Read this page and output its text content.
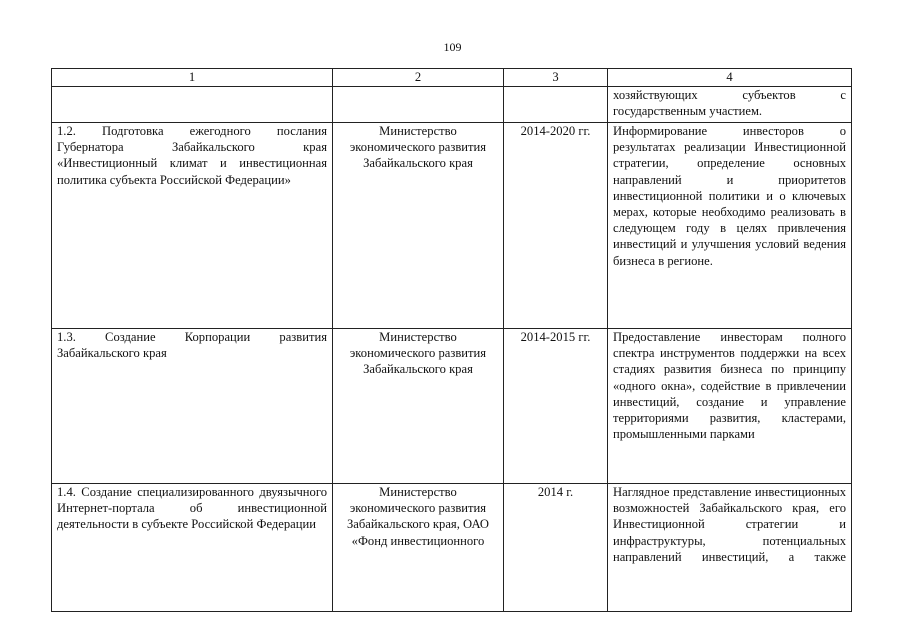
109
1	2	3	4
			хозяйствующих субъектов с государственным участием.
1.2. Подготовка ежегодного послания Губернатора Забайкальского края «Инвестиционный климат и инвестиционная политика субъекта Российской Федерации»	Министерство экономического развития Забайкальского края	2014-2020 гг.	Информирование инвесторов о результатах реализации Инвестиционной стратегии, определение основных направлений и приоритетов инвестиционной политики и о ключевых мерах, которые необходимо реализовать в следующем году в целях привлечения инвестиций и улучшения условий ведения бизнеса в регионе.
1.3. Создание Корпорации развития Забайкальского края	Министерство экономического развития Забайкальского края	2014-2015 гг.	Предоставление инвесторам полного спектра инструментов поддержки на всех стадиях развития бизнеса по принципу «одного окна», содействие в привлечении инвестиций, создание и управление территориями развития, кластерами, промышленными парками
1.4. Создание специализированного двуязычного Интернет-портала об инвестиционной деятельности в субъекте Российской Федерации	Министерство экономического развития Забайкальского края, ОАО «Фонд инвестиционного	2014 г.	Наглядное представление инвестиционных возможностей Забайкальского края, его Инвестиционной стратегии и инфраструктуры, потенциальных направлений инвестиций, а также
